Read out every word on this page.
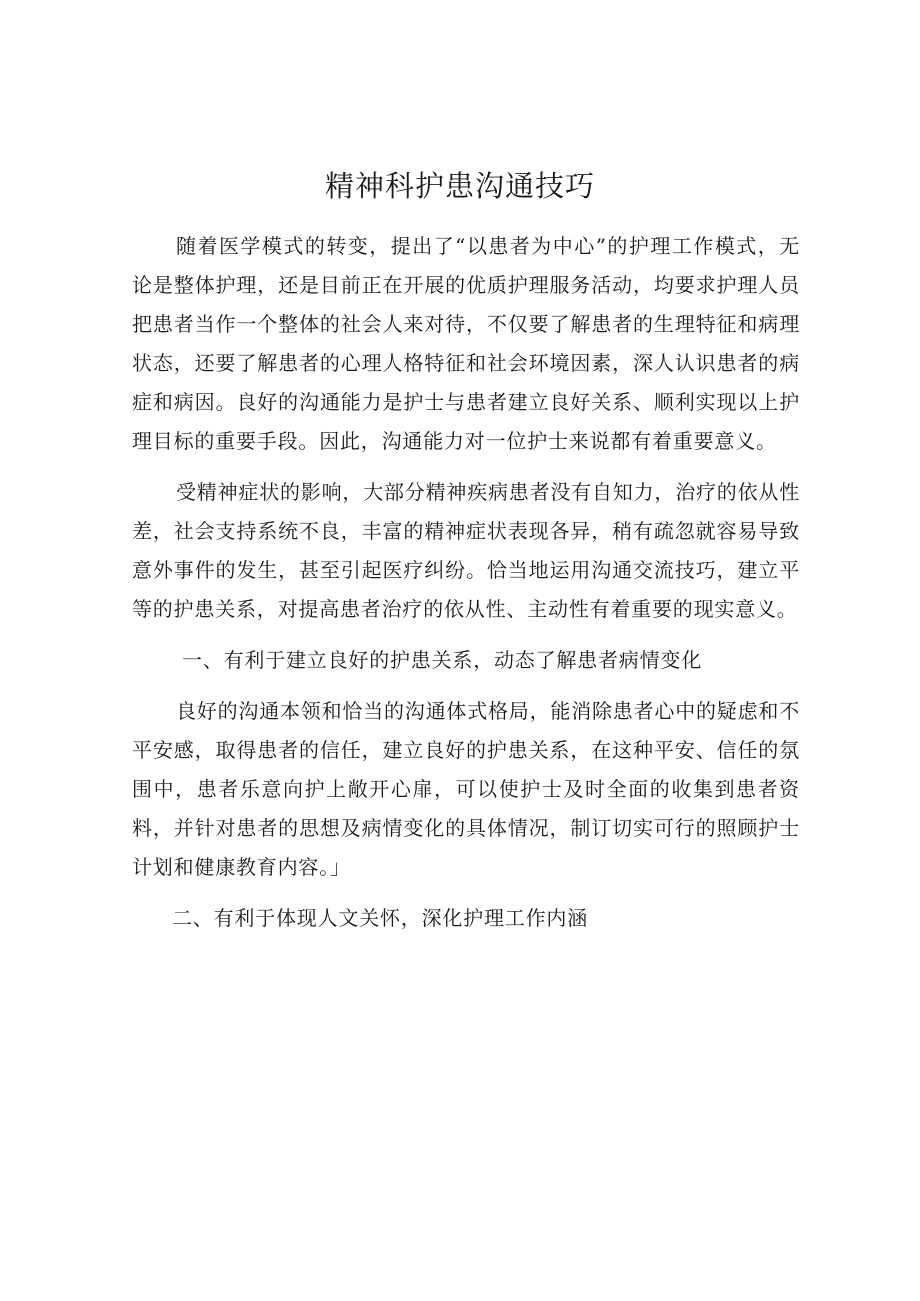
精神科护患沟通技巧

随着医学模式的转变，提出了“以患者为中心”的护理工作模式，无论是整体护理，还是目前正在开展的优质护理服务活动，均要求护理人员把患者当作一个整体的社会人来对待，不仅要了解患者的生理特征和病理状态，还要了解患者的心理人格特征和社会环境因素，深人认识患者的病症和病因。良好的沟通能力是护士与患者建立良好关系、顺利实现以上护理目标的重要手段。因此，沟通能力对一位护士来说都有着重要意义。

受精神症状的影响，大部分精神疾病患者没有自知力，治疗的依从性差，社会支持系统不良，丰富的精神症状表现各异，稍有疏忽就容易导致意外事件的发生，甚至引起医疗纠纷。恰当地运用沟通交流技巧，建立平等的护患关系，对提高患者治疗的依从性、主动性有着重要的现实意义。

一、有利于建立良好的护患关系，动态了解患者病情变化

良好的沟通本领和恰当的沟通体式格局，能消除患者心中的疑虑和不平安感，取得患者的信任，建立良好的护患关系，在这种平安、信任的氛围中，患者乐意向护上敞开心扉，可以使护士及时全面的收集到患者资料，并针对患者的思想及病情变化的具体情况，制订切实可行的照顾护士计划和健康教育内容。」

二、有利于体现人文关怀，深化护理工作内涵
